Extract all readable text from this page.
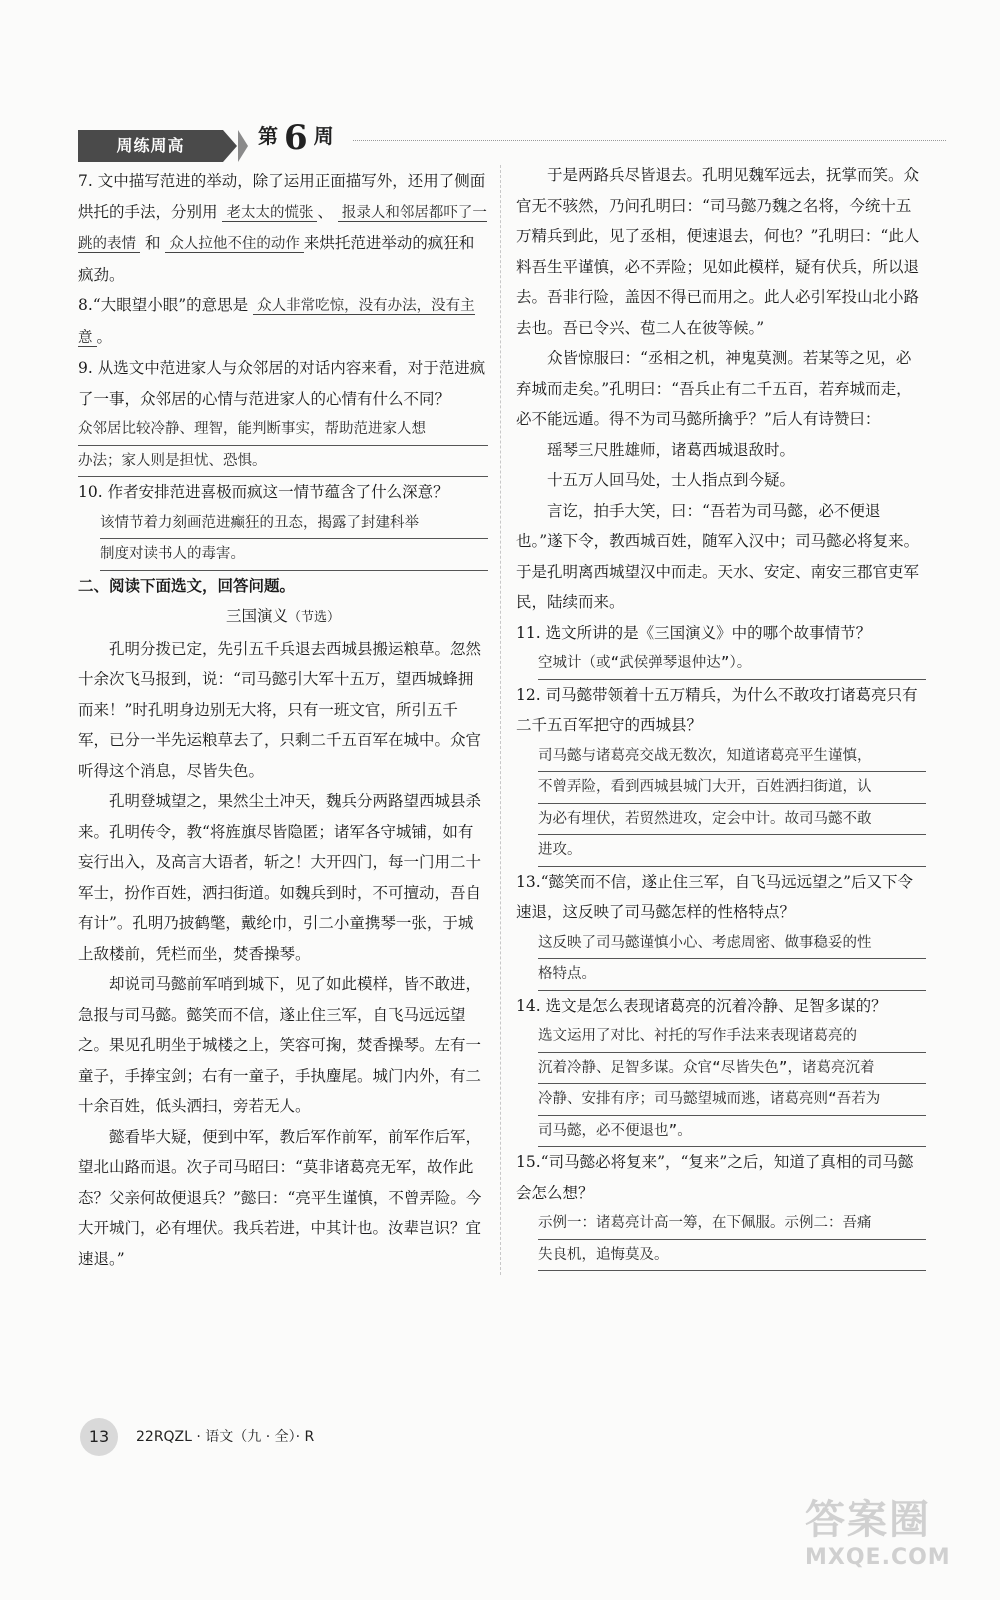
周练周高	第 6 周

7. 文中描写范进的举动，除了运用正面描写外，还用了侧面烘托的手法，分别用 老太太的慌张 、 报录人和邻居都吓了一跳的表情 和 众人拉他不住的动作 来烘托范进举动的疯狂和疯劲。

8.“大眼望小眼”的意思是 众人非常吃惊，没有办法，没有主意 。

9. 从选文中范进家人与众邻居的对话内容来看，对于范进疯了一事，众邻居的心情与范进家人的心情有什么不同？

众邻居比较冷静、理智，能判断事实，帮助范进家人想
办法；家人则是担忧、恐惧。

10. 作者安排范进喜极而疯这一情节蕴含了什么深意？

该情节着力刻画范进癫狂的丑态，揭露了封建科举
制度对读书人的毒害。

二、阅读下面选文，回答问题。

三国演义（节选）

孔明分拨已定，先引五千兵退去西城县搬运粮草。忽然十余次飞马报到，说：“司马懿引大军十五万，望西城蜂拥而来！”时孔明身边别无大将，只有一班文官，所引五千军，已分一半先运粮草去了，只剩二千五百军在城中。众官听得这个消息，尽皆失色。

孔明登城望之，果然尘土冲天，魏兵分两路望西城县杀来。孔明传令，教“将旌旗尽皆隐匿；诸军各守城铺，如有妄行出入，及高言大语者，斩之！大开四门，每一门用二十军士，扮作百姓，洒扫街道。如魏兵到时，不可擅动，吾自有计”。孔明乃披鹤氅，戴纶巾，引二小童携琴一张，于城上敌楼前，凭栏而坐，焚香操琴。

却说司马懿前军哨到城下，见了如此模样，皆不敢进，急报与司马懿。懿笑而不信，遂止住三军，自飞马远远望之。果见孔明坐于城楼之上，笑容可掬，焚香操琴。左有一童子，手捧宝剑；右有一童子，手执麈尾。城门内外，有二十余百姓，低头洒扫，旁若无人。

懿看毕大疑，便到中军，教后军作前军，前军作后军，望北山路而退。次子司马昭曰：“莫非诸葛亮无军，故作此态？父亲何故便退兵？”懿曰：“亮平生谨慎，不曾弄险。今大开城门，必有埋伏。我兵若进，中其计也。汝辈岂识？宜速退。”

于是两路兵尽皆退去。孔明见魏军远去，抚掌而笑。众官无不骇然，乃问孔明曰：“司马懿乃魏之名将，今统十五万精兵到此，见了丞相，便速退去，何也？”孔明曰：“此人料吾生平谨慎，必不弄险；见如此模样，疑有伏兵，所以退去。吾非行险，盖因不得已而用之。此人必引军投山北小路去也。吾已令兴、苞二人在彼等候。”

众皆惊服曰：“丞相之机，神鬼莫测。若某等之见，必弃城而走矣。”孔明曰：“吾兵止有二千五百，若弃城而走，必不能远遁。得不为司马懿所擒乎？”后人有诗赞曰：

瑶琴三尺胜雄师，诸葛西城退敌时。

十五万人回马处，士人指点到今疑。

言讫，拍手大笑，曰：“吾若为司马懿，必不便退也。”遂下令，教西城百姓，随军入汉中；司马懿必将复来。于是孔明离西城望汉中而走。天水、安定、南安三郡官吏军民，陆续而来。

11. 选文所讲的是《三国演义》中的哪个故事情节？

空城计（或“武侯弹琴退仲达”）。

12. 司马懿带领着十五万精兵，为什么不敢攻打诸葛亮只有二千五百军把守的西城县？

司马懿与诸葛亮交战无数次，知道诸葛亮平生谨慎，
不曾弄险，看到西城县城门大开，百姓洒扫街道，认
为必有埋伏，若贸然进攻，定会中计。故司马懿不敢
进攻。

13.“懿笑而不信，遂止住三军，自飞马远远望之”后又下令速退，这反映了司马懿怎样的性格特点？

这反映了司马懿谨慎小心、考虑周密、做事稳妥的性
格特点。

14. 选文是怎么表现诸葛亮的沉着冷静、足智多谋的？

选文运用了对比、衬托的写作手法来表现诸葛亮的
沉着冷静、足智多谋。众官“尽皆失色”，诸葛亮沉着
冷静、安排有序；司马懿望城而逃，诸葛亮则“吾若为
司马懿，必不便退也”。

15.“司马懿必将复来”，“复来”之后，知道了真相的司马懿会怎么想？

示例一：诸葛亮计高一筹，在下佩服。示例二：吾痛
失良机，追悔莫及。
13	22RQZL · 语文（九 · 全）· R
答案圈
MXQE.COM
